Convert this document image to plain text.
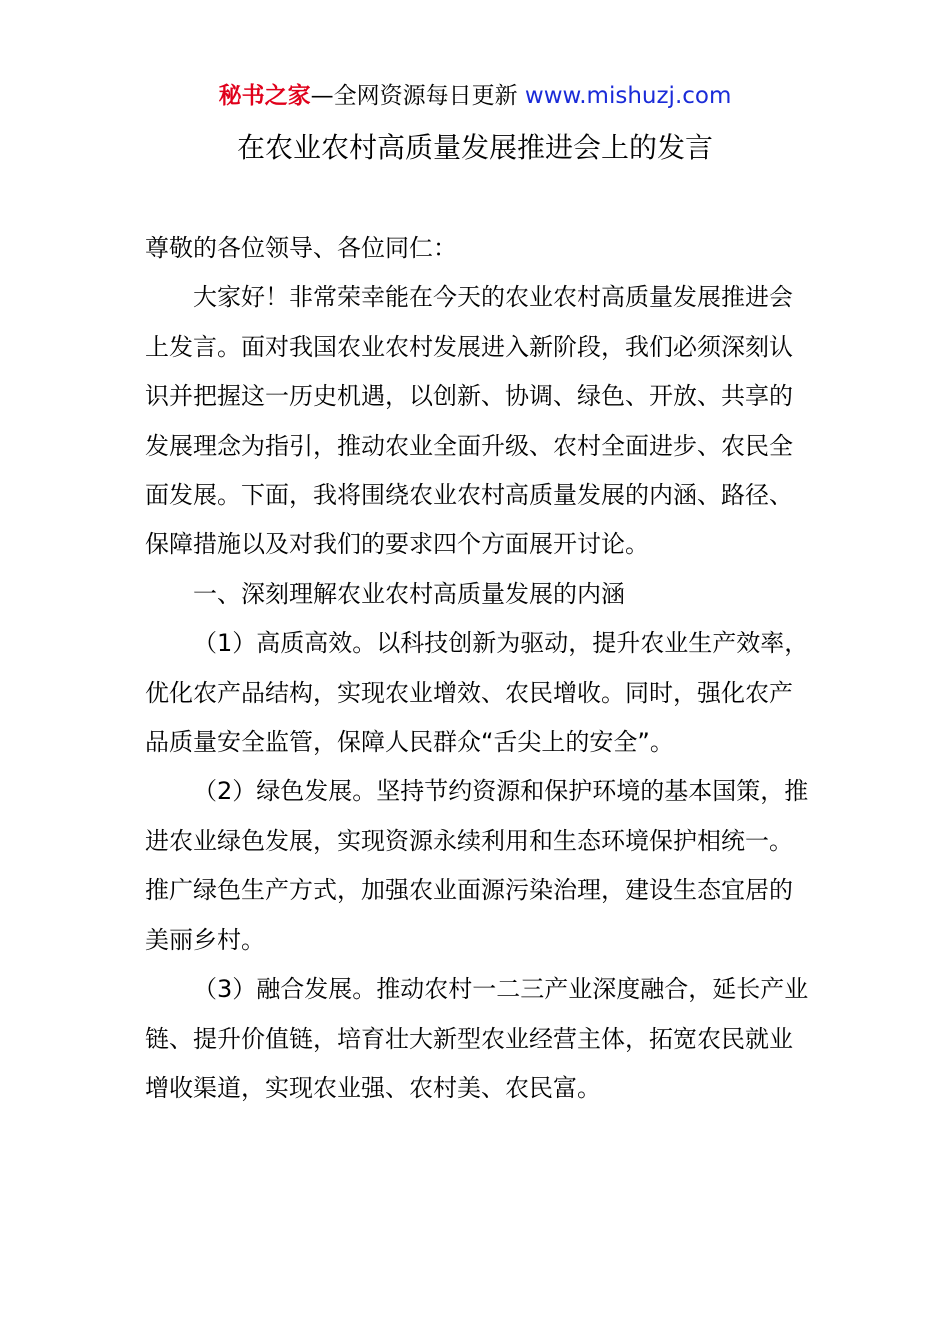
秘书之家—全网资源每日更新 www.mishuzj.com
在农业农村高质量发展推进会上的发言

尊敬的各位领导、各位同仁：

大家好！非常荣幸能在今天的农业农村高质量发展推进会上发言。面对我国农业农村发展进入新阶段，我们必须深刻认识并把握这一历史机遇，以创新、协调、绿色、开放、共享的发展理念为指引，推动农业全面升级、农村全面进步、农民全面发展。下面，我将围绕农业农村高质量发展的内涵、路径、保障措施以及对我们的要求四个方面展开讨论。

一、深刻理解农业农村高质量发展的内涵

（1）高质高效。以科技创新为驱动，提升农业生产效率，优化农产品结构，实现农业增效、农民增收。同时，强化农产品质量安全监管，保障人民群众“舌尖上的安全”。

（2）绿色发展。坚持节约资源和保护环境的基本国策，推进农业绿色发展，实现资源永续利用和生态环境保护相统一。推广绿色生产方式，加强农业面源污染治理，建设生态宜居的美丽乡村。

（3）融合发展。推动农村一二三产业深度融合，延长产业链、提升价值链，培育壮大新型农业经营主体，拓宽农民就业增收渠道，实现农业强、农村美、农民富。
